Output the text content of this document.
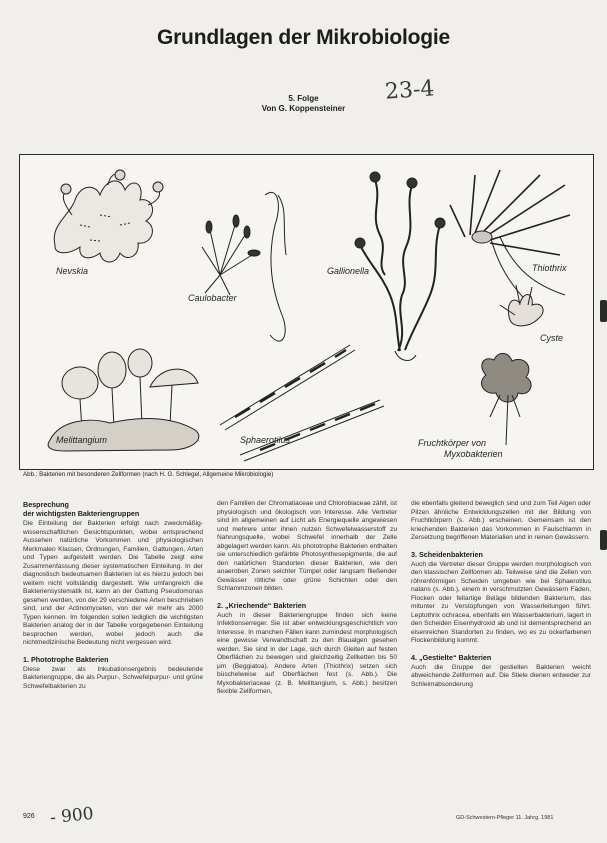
Grundlagen der Mikrobiologie
23-4
5. Folge
Von G. Koppensteiner
Nevskia
Caulobacter
Gallionella	Thiothrix
Cyste
Melittangium	Sphaerotilus	Fruchtkörper von
Myxobakterien
Abb.: Bakterien mit besonderen Zellformen (nach H. G. Schlegel, Allgemeine Mikrobiologie)
Besprechung
der wichtigsten Bakteriengruppen

Die Einteilung der Bakterien erfolgt nach zweckmäßig-wissenschaftlichen Gesichtspunkten, wobei entsprechend Aussehen natürliche Vorkommen und physiologischen Merkmalen Klassen, Ordnungen, Familien, Gattungen, Arten und Typen aufgestellt werden. Die Tabelle zeigt eine Zusammenfassung dieser systematischen Einteilung. In der diagnostisch bedeutsamen Bakterien ist es hierzu jedoch bei weitem nicht vollständig dargestellt. Wie umfangreich die Bakteriensystematik ist, kann an der Gattung Pseudomonas gesehen werden, von der 29 verschiedene Arten beschrieben sind, und der Actinomyceten, von der wir mehr als 2000 Typen kennen. Im folgenden sollen lediglich die wichtigsten Bakterien analog der in der Tabelle vorgegebenen Einteilung besprochen werden, wobei jedoch auch die nichtmedizinische Bedeutung nicht vergessen wird.

1. Phototrophe Bakterien

Diese zwar als Inkubationsergebnis bedeutende Bakteriengruppe, die als Purpur-, Schwefelpurpur- und grüne Schwefelbakterien zu

den Familien der Chromatiaceae und Chlorobiaceae zählt, ist physiologisch und ökologisch von Interesse. Alle Vertreter sind im allgemeinen auf Licht als Energiequelle angewiesen und mehrere unter ihnen nutzen Schwefelwasserstoff zu Nahrungsquelle, wobei Schwefel innerhalb der Zelle abgelagert werden kann. Als phototrophe Bakterien enthalten sie unterschiedlich gefärbte Photosynthesepigmente, die auf den natürlichen Standorten dieser Bakterien, wie den anaeroben Zonen seichter Tümpel oder langsam fließender Gewässer rötliche oder grüne Schichten oder den Schlammzonen bilden.

2. „Kriechende“ Bakterien

Auch in dieser Bakteriengruppe finden sich keine Infektionserreger. Sie ist aber entwicklungsgeschichtlich von Interesse. In manchen Fällen kann zumindest morphologisch eine gewisse Verwandtschaft zu den Blaualgen gesehen werden. Sie sind in der Lage, sich durch Gleiten auf festen Oberflächen zu bewegen und gleichzeitig Zellketten bis 50 µm (Beggiatoa). Andere Arten (Thiothrix) setzen sich büschelweise auf Oberflächen fest (s. Abb.). Die Myxobakteriaceae (z. B. Melittangium, s. Abb.) besitzen flexible Zellformen,

die ebenfalls gleitend beweglich sind und zum Teil Algen oder Pilzen ähnliche Entwicklungszellen mit der Bildung von Fruchtkörpern (s. Abb.) erscheinen. Gemeinsam ist den kriechenden Bakterien das Vorkommen in Faulschlamm in Zersetzung begriffenen Materialien und in reinen Gewässern.

3. Scheidenbakterien

Auch die Vertreter dieser Gruppe werden morphologisch von den klassischen Zellformen ab. Teilweise sind die Zellen von röhrenförmigen Scheiden umgeben wie bei Sphaerotilus natans (s. Abb.), einem in verschmutzten Gewässern Fäden, Flocken oder fellartige Beläge bildenden Bakterium, das mitunter zu Verstopfungen von Wasserleitungen führt. Leptothrix ochracea, ebenfalls ein Wasserbakterium, lagert in den Scheiden Eisenhydroxid ab und ist dementsprechend an eisenreichen Standorten zu finden, wo es zu ockerfarbenen Flockenbildung kommt.

4. „Gestielte“ Bakterien

Auch die Gruppe der gestielten Bakterien weicht abweichende Zellformen auf. Die Stiele dienen entweder zur Schleimabsonderung

926 - 900	GD-Schwestern-Pfleger 11. Jahrg. 1981
